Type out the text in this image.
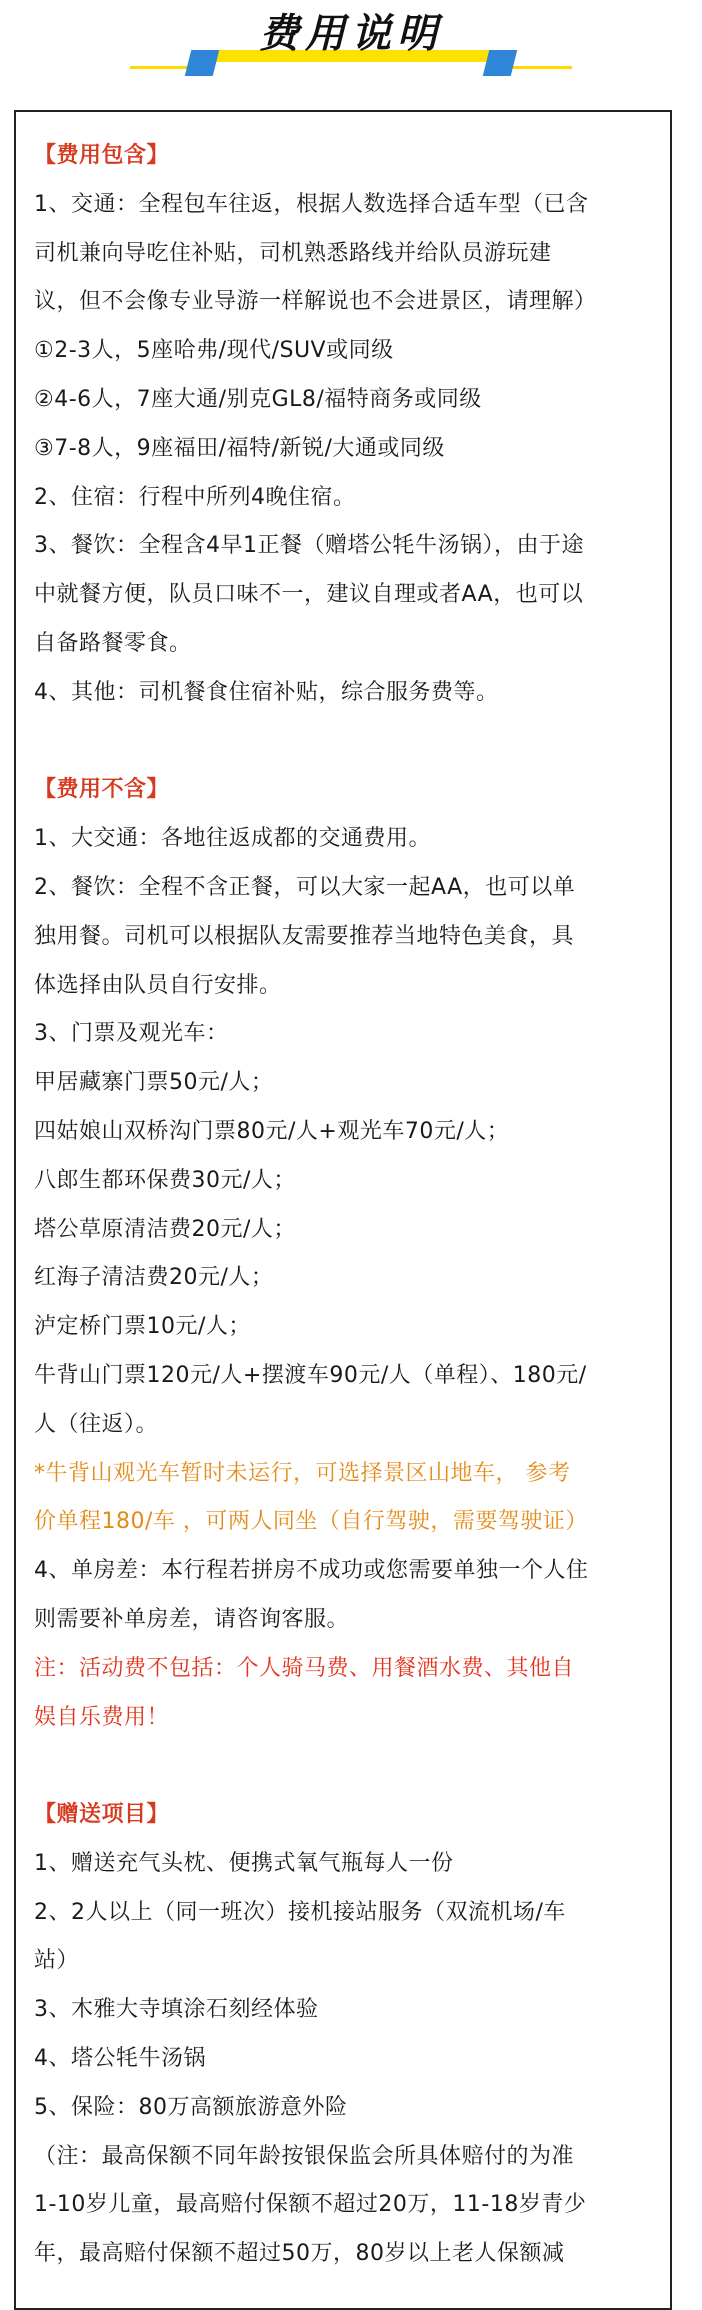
费用说明
【费用包含】
1、交通：全程包车往返，根据人数选择合适车型（已含
司机兼向导吃住补贴，司机熟悉路线并给队员游玩建
议，但不会像专业导游一样解说也不会进景区，请理解）
①2-3人，5座哈弗/现代/SUV或同级
②4-6人，7座大通/别克GL8/福特商务或同级
③7-8人，9座福田/福特/新锐/大通或同级
2、住宿：行程中所列4晚住宿。
3、餐饮：全程含4早1正餐（赠塔公牦牛汤锅），由于途
中就餐方便，队员口味不一，建议自理或者AA，也可以
自备路餐零食。
4、其他：司机餐食住宿补贴，综合服务费等。
【费用不含】
1、大交通：各地往返成都的交通费用。
2、餐饮：全程不含正餐，可以大家一起AA，也可以单
独用餐。司机可以根据队友需要推荐当地特色美食，具
体选择由队员自行安排。
3、门票及观光车：
甲居藏寨门票50元/人；
四姑娘山双桥沟门票80元/人+观光车70元/人；
八郎生都环保费30元/人；
塔公草原清洁费20元/人；
红海子清洁费20元/人；
泸定桥门票10元/人；
牛背山门票120元/人+摆渡车90元/人（单程）、180元/
人（往返）。
*牛背山观光车暂时未运行，可选择景区山地车， 参考
价单程180/车 ，可两人同坐（自行驾驶，需要驾驶证）
4、单房差：本行程若拼房不成功或您需要单独一个人住
则需要补单房差，请咨询客服。
注：活动费不包括：个人骑马费、用餐酒水费、其他自
娱自乐费用！
【赠送项目】
1、赠送充气头枕、便携式氧气瓶每人一份
2、2人以上（同一班次）接机接站服务（双流机场/车
站）
3、木雅大寺填涂石刻经体验
4、塔公牦牛汤锅
5、保险：80万高额旅游意外险
（注：最高保额不同年龄按银保监会所具体赔付的为准
1-10岁儿童，最高赔付保额不超过20万，11-18岁青少
年，最高赔付保额不超过50万，80岁以上老人保额减
